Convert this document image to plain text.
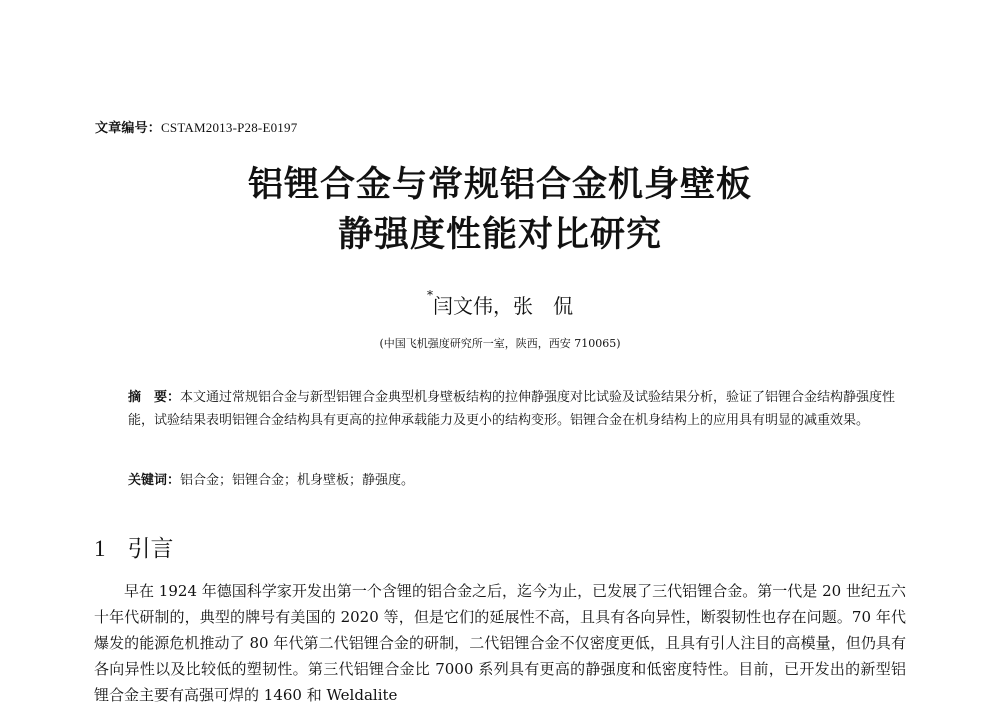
文章编号：CSTAM2013-P28-E0197
铝锂合金与常规铝合金机身壁板
静强度性能对比研究
*闫文伟，张　侃
(中国飞机强度研究所一室，陕西，西安 710065)
摘　要：本文通过常规铝合金与新型铝锂合金典型机身壁板结构的拉伸静强度对比试验及试验结果分析，验证了铝锂合金结构静强度性能，试验结果表明铝锂合金结构具有更高的拉伸承载能力及更小的结构变形。铝锂合金在机身结构上的应用具有明显的减重效果。
关键词：铝合金；铝锂合金；机身壁板；静强度。
1 引言

早在 1924 年德国科学家开发出第一个含锂的铝合金之后，迄今为止，已发展了三代铝锂合金。第一代是 20 世纪五六十年代研制的，典型的牌号有美国的 2020 等，但是它们的延展性不高，且具有各向异性，断裂韧性也存在问题。70 年代爆发的能源危机推动了 80 年代第二代铝锂合金的研制，二代铝锂合金不仅密度更低，且具有引人注目的高模量，但仍具有各向异性以及比较低的塑韧性。第三代铝锂合金比 7000 系列具有更高的静强度和低密度特性。目前，已开发出的新型铝锂合金主要有高强可焊的 1460 和 Weldalite
